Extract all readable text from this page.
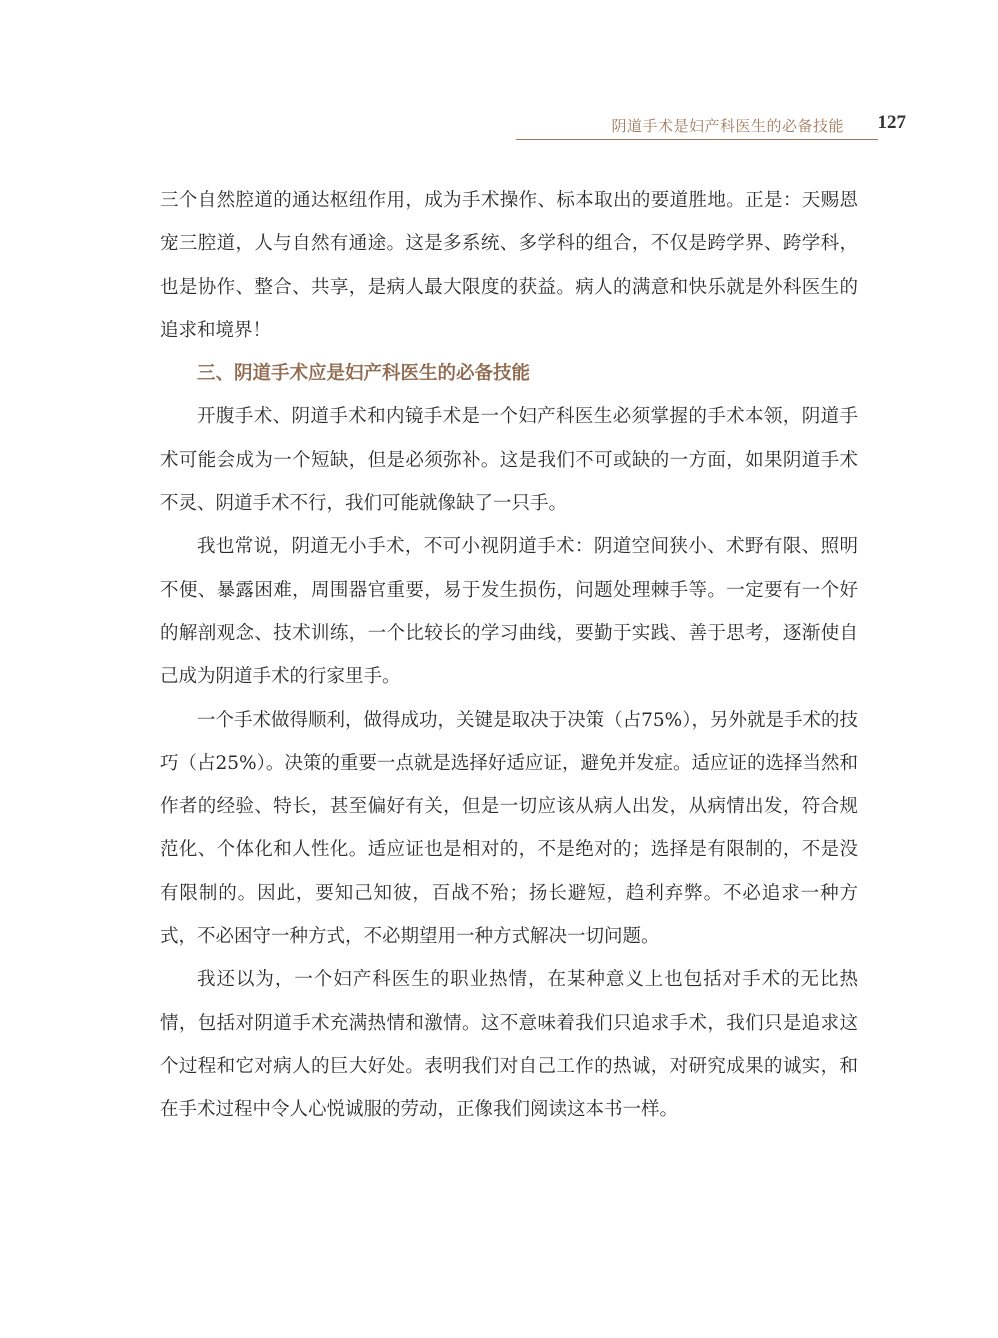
阴道手术是妇产科医生的必备技能 127

三个自然腔道的通达枢纽作用，成为手术操作、标本取出的要道胜地。正是：天赐恩宠三腔道，人与自然有通途。这是多系统、多学科的组合，不仅是跨学界、跨学科，也是协作、整合、共享，是病人最大限度的获益。病人的满意和快乐就是外科医生的追求和境界！

三、阴道手术应是妇产科医生的必备技能

开腹手术、阴道手术和内镜手术是一个妇产科医生必须掌握的手术本领，阴道手术可能会成为一个短缺，但是必须弥补。这是我们不可或缺的一方面，如果阴道手术不灵、阴道手术不行，我们可能就像缺了一只手。

我也常说，阴道无小手术，不可小视阴道手术：阴道空间狭小、术野有限、照明不便、暴露困难，周围器官重要，易于发生损伤，问题处理棘手等。一定要有一个好的解剖观念、技术训练，一个比较长的学习曲线，要勤于实践、善于思考，逐渐使自己成为阴道手术的行家里手。

一个手术做得顺利，做得成功，关键是取决于决策（占75%），另外就是手术的技巧（占25%）。决策的重要一点就是选择好适应证，避免并发症。适应证的选择当然和作者的经验、特长，甚至偏好有关，但是一切应该从病人出发，从病情出发，符合规范化、个体化和人性化。适应证也是相对的，不是绝对的；选择是有限制的，不是没有限制的。因此，要知己知彼，百战不殆；扬长避短，趋利弃弊。不必追求一种方式，不必困守一种方式，不必期望用一种方式解决一切问题。

我还以为，一个妇产科医生的职业热情，在某种意义上也包括对手术的无比热情，包括对阴道手术充满热情和激情。这不意味着我们只追求手术，我们只是追求这个过程和它对病人的巨大好处。表明我们对自己工作的热诚，对研究成果的诚实，和在手术过程中令人心悦诚服的劳动，正像我们阅读这本书一样。
